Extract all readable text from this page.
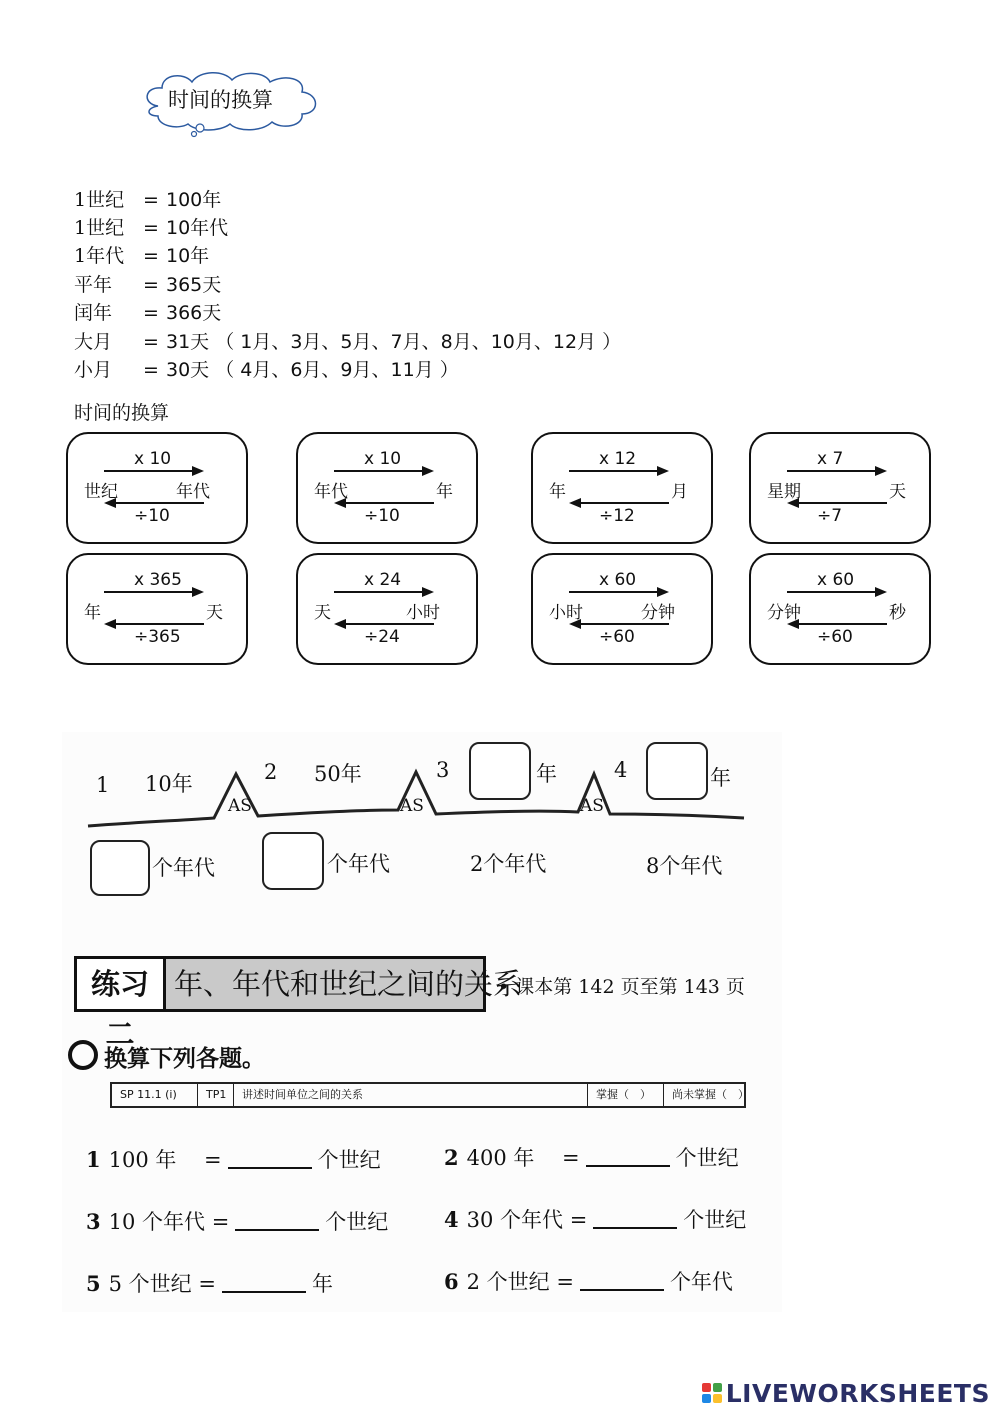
时间的换算
1世纪 = 100年
1世纪 = 10年代
1年代 = 10年
平年 = 365天
闰年 = 366天
大月 = 31天 （ 1月、3月、5月、7月、8月、10月、12月 ）
小月 = 30天 （ 4月、6月、9月、11月 ）
时间的换算
x 10
世纪	年代
÷10
x 10
年代	年
÷10
x 12
年	月
÷12
x 7
星期	天
÷7
x 365
年	天
÷365
x 24
天	小时
÷24
x 60
小时	分钟
÷60
x 60
分钟	秒
÷60
AS	AS	AS
1 10年	2 50年	3	年	4	年
个年代	个年代	2个年代	8个年代
练习二
年、年代和世纪之间的关系
• 课本第 142 页至第 143 页
换算下列各题。
SP 11.1 (i)	TP1	讲述时间单位之间的关系	掌握（　）	尚未掌握（　）
1 100 年　 =	个世纪	2 400 年　 =	个世纪
3 10 个年代 =	个世纪	4 30 个年代 =	个世纪
5 5 个世纪 =	年	6 2 个世纪 =	个年代
LIVEWORKSHEETS
